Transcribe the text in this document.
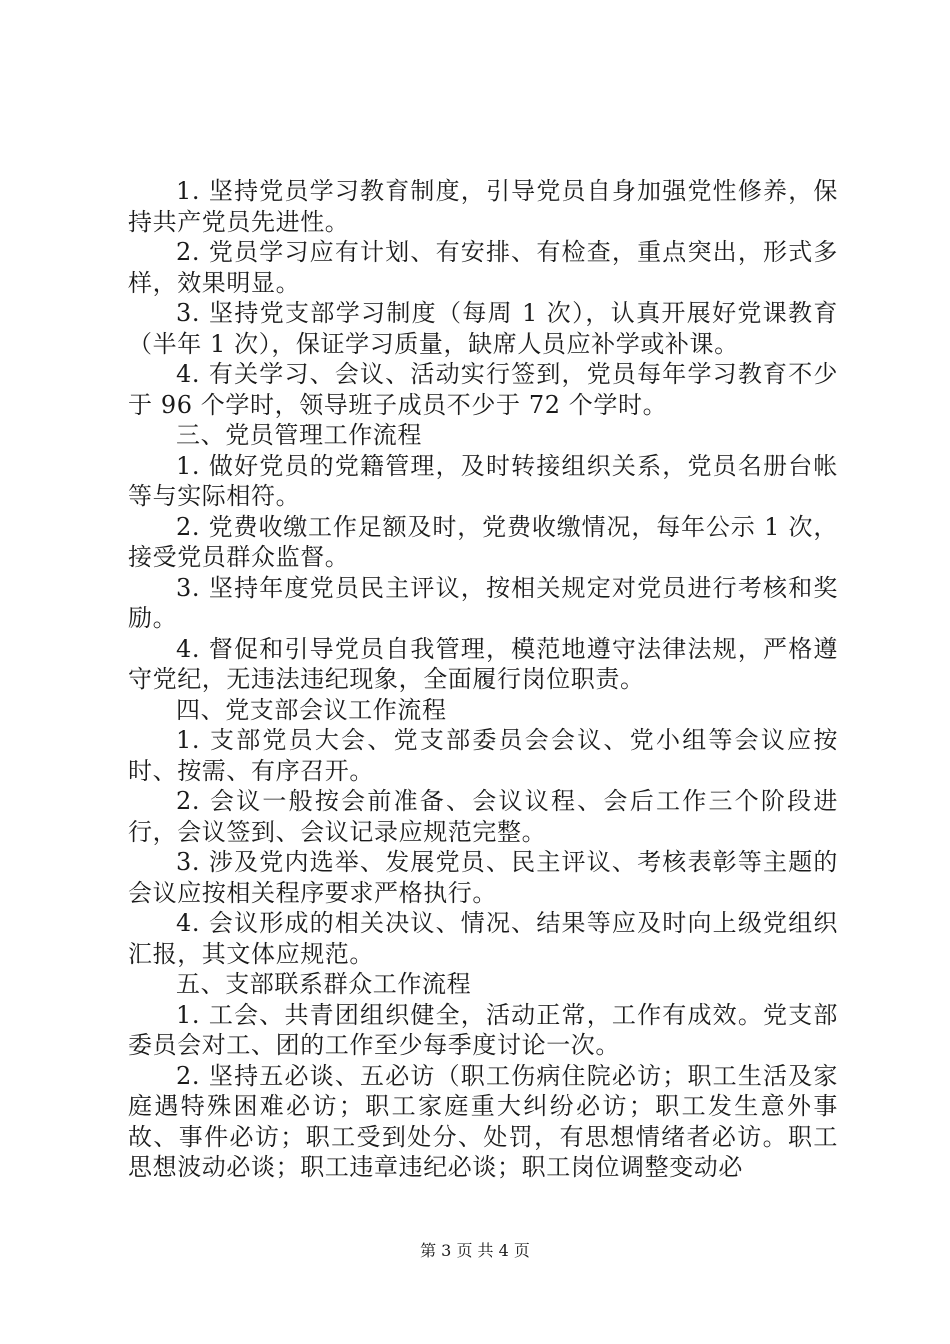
1. 坚持党员学习教育制度，引导党员自身加强党性修养，保持共产党员先进性。

2. 党员学习应有计划、有安排、有检查，重点突出，形式多样，效果明显。

3. 坚持党支部学习制度（每周 1 次），认真开展好党课教育（半年 1 次），保证学习质量，缺席人员应补学或补课。

4. 有关学习、会议、活动实行签到，党员每年学习教育不少于 96 个学时，领导班子成员不少于 72 个学时。

三、党员管理工作流程

1. 做好党员的党籍管理，及时转接组织关系，党员名册台帐等与实际相符。

2. 党费收缴工作足额及时，党费收缴情况，每年公示 1 次，接受党员群众监督。

3. 坚持年度党员民主评议，按相关规定对党员进行考核和奖励。

4. 督促和引导党员自我管理，模范地遵守法律法规，严格遵守党纪，无违法违纪现象，全面履行岗位职责。

四、党支部会议工作流程

1. 支部党员大会、党支部委员会会议、党小组等会议应按时、按需、有序召开。

2. 会议一般按会前准备、会议议程、会后工作三个阶段进行，会议签到、会议记录应规范完整。

3. 涉及党内选举、发展党员、民主评议、考核表彰等主题的会议应按相关程序要求严格执行。

4. 会议形成的相关决议、情况、结果等应及时向上级党组织汇报，其文体应规范。

五、支部联系群众工作流程

1. 工会、共青团组织健全，活动正常，工作有成效。党支部委员会对工、团的工作至少每季度讨论一次。

2. 坚持五必谈、五必访（职工伤病住院必访；职工生活及家庭遇特殊困难必访；职工家庭重大纠纷必访；职工发生意外事故、事件必访；职工受到处分、处罚，有思想情绪者必访。职工思想波动必谈；职工违章违纪必谈；职工岗位调整变动必

第 3 页 共 4 页
